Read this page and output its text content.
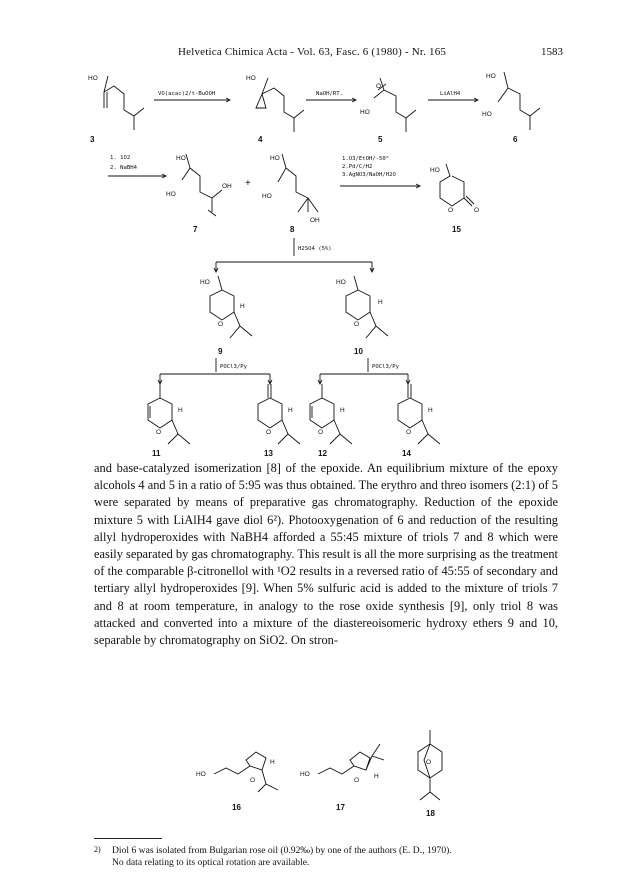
Helvetica Chimica Acta - Vol. 63, Fasc. 6 (1980) - Nr. 165	1583
HO
3
VO(acac)2/t-BuOOH
HO
4
NaOH/RT.
O
HO
5
LiAlH4
HO
HO
6
1. 1O2
2. NaBH4
HO
HO
OH
7
+
HO
HO
OH
8
1.O3/EtOH/-50°
2.Pd/C/H2
3.AgNO3/NaOH/H2O
HO
O	O
15
H2SO4 (5%)
HO
O
H
9
HO
O
H
10
POCl3/Py	POCl3/Py
O
H
11
O
H
13
O
H
12
O
H
14

and base-catalyzed isomerization [8] of the epoxide. An equilibrium mixture of the epoxy alcohols 4 and 5 in a ratio of 5:95 was thus obtained. The erythro and threo isomers (2:1) of 5 were separated by means of preparative gas chromatography. Reduction of the epoxide mixture 5 with LiAlH4 gave diol 6²). Photooxygenation of 6 and reduction of the resulting allyl hydroperoxides with NaBH4 afforded a 55:45 mixture of triols 7 and 8 which were easily separated by gas chromatography. This result is all the more surprising as the treatment of the comparable β-citronellol with ¹O2 results in a reversed ratio of 45:55 of secondary and tertiary allyl hydroperoxides [9]. When 5% sulfuric acid is added to the mixture of triols 7 and 8 at room temperature, in analogy to the rose oxide synthesis [9], only triol 8 was attacked and converted into a mixture of the diastereoisomeric hydroxy ethers 9 and 10, separable by chromatography on SiO2. On stron-

HO
O
H
16
HO
O
H
17
O
18
2)	Diol 6 was isolated from Bulgarian rose oil (0.92‰) by one of the authors (E. D., 1970).
No data relating to its optical rotation are available.
